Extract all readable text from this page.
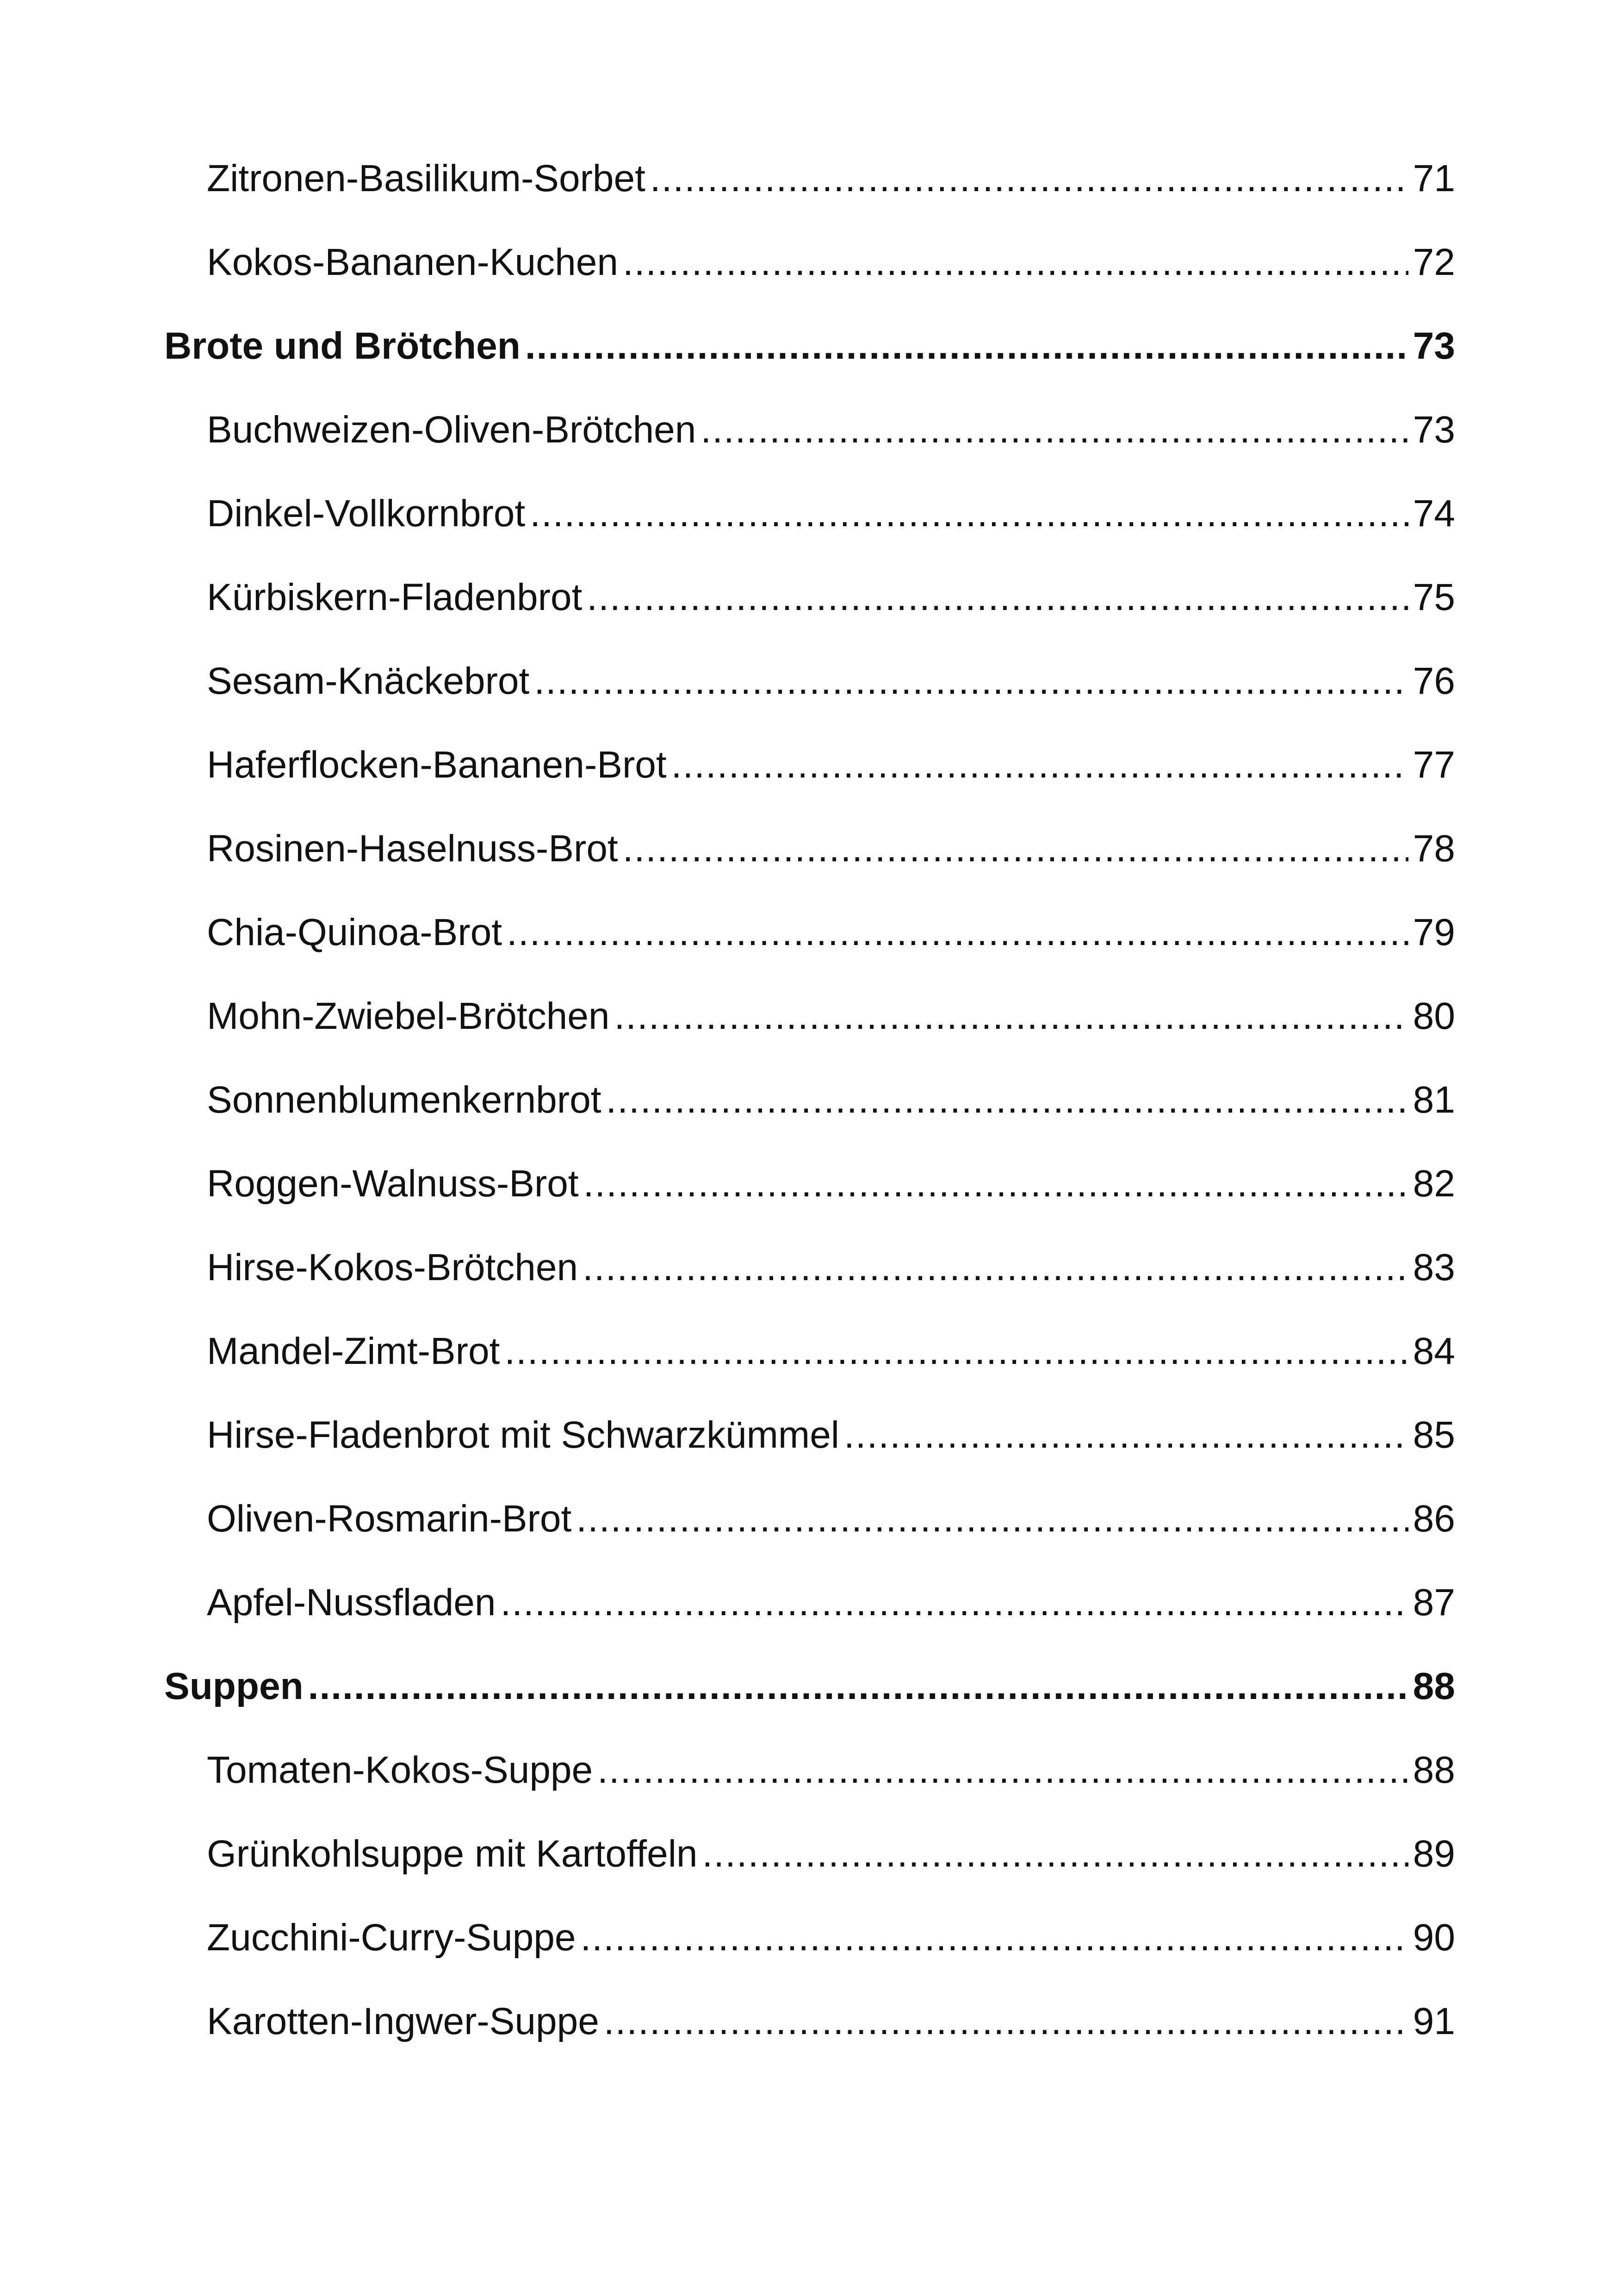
Zitronen-Basilikum-Sorbet .....	71
Kokos-Bananen-Kuchen .....	72
Brote und Brötchen .....	73
Buchweizen-Oliven-Brötchen .....	73
Dinkel-Vollkornbrot .....	74
Kürbiskern-Fladenbrot .....	75
Sesam-Knäckebrot .....	76
Haferflocken-Bananen-Brot .....	77
Rosinen-Haselnuss-Brot .....	78
Chia-Quinoa-Brot .....	79
Mohn-Zwiebel-Brötchen .....	80
Sonnenblumenkernbrot .....	81
Roggen-Walnuss-Brot .....	82
Hirse-Kokos-Brötchen .....	83
Mandel-Zimt-Brot .....	84
Hirse-Fladenbrot mit Schwarzkümmel .....	85
Oliven-Rosmarin-Brot .....	86
Apfel-Nussfladen .....	87
Suppen .....	88
Tomaten-Kokos-Suppe .....	88
Grünkohlsuppe mit Kartoffeln .....	89
Zucchini-Curry-Suppe .....	90
Karotten-Ingwer-Suppe .....	91
